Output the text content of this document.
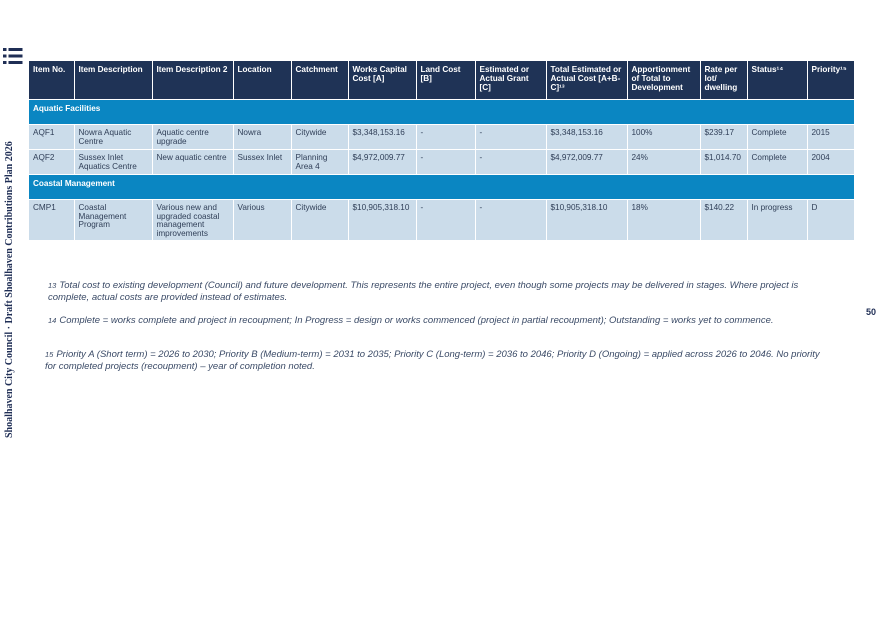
Shoalhaven City Council · Draft Shoalhaven Contributions Plan 2026
Item No.	Item Description	Item Description 2	Location	Catchment	Works Capital Cost [A]	Land Cost [B]	Estimated or Actual Grant [C]	Total Estimated or Actual Cost [A+B-C]¹³	Apportionment of Total to Development	Rate per lot/ dwelling	Status¹⁴	Priority¹⁵
Aquatic Facilities												
AQF1	Nowra Aquatic Centre	Aquatic centre upgrade	Nowra	Citywide	$3,348,153.16	-	-	$3,348,153.16	100%	$239.17	Complete	2015
AQF2	Sussex Inlet Aquatics Centre	New aquatic centre	Sussex Inlet	Planning Area 4	$4,972,009.77	-	-	$4,972,009.77	24%	$1,014.70	Complete	2004
Coastal Management												
CMP1	Coastal Management Program	Various new and upgraded coastal management improvements	Various	Citywide	$10,905,318.10	-	-	$10,905,318.10	18%	$140.22	In progress	D
13 Total cost to existing development (Council) and future development. This represents the entire project, even though some projects may be delivered in stages. Where project is complete, actual costs are provided instead of estimates.
14 Complete = works complete and project in recoupment; In Progress = design or works commenced (project in partial recoupment); Outstanding = works yet to commence.
15 Priority A (Short term) = 2026 to 2030; Priority B (Medium-term) = 2031 to 2035; Priority C (Long-term) = 2036 to 2046; Priority D (Ongoing) = applied across 2026 to 2046. No priority for completed projects (recoupment) – year of completion noted.
50
